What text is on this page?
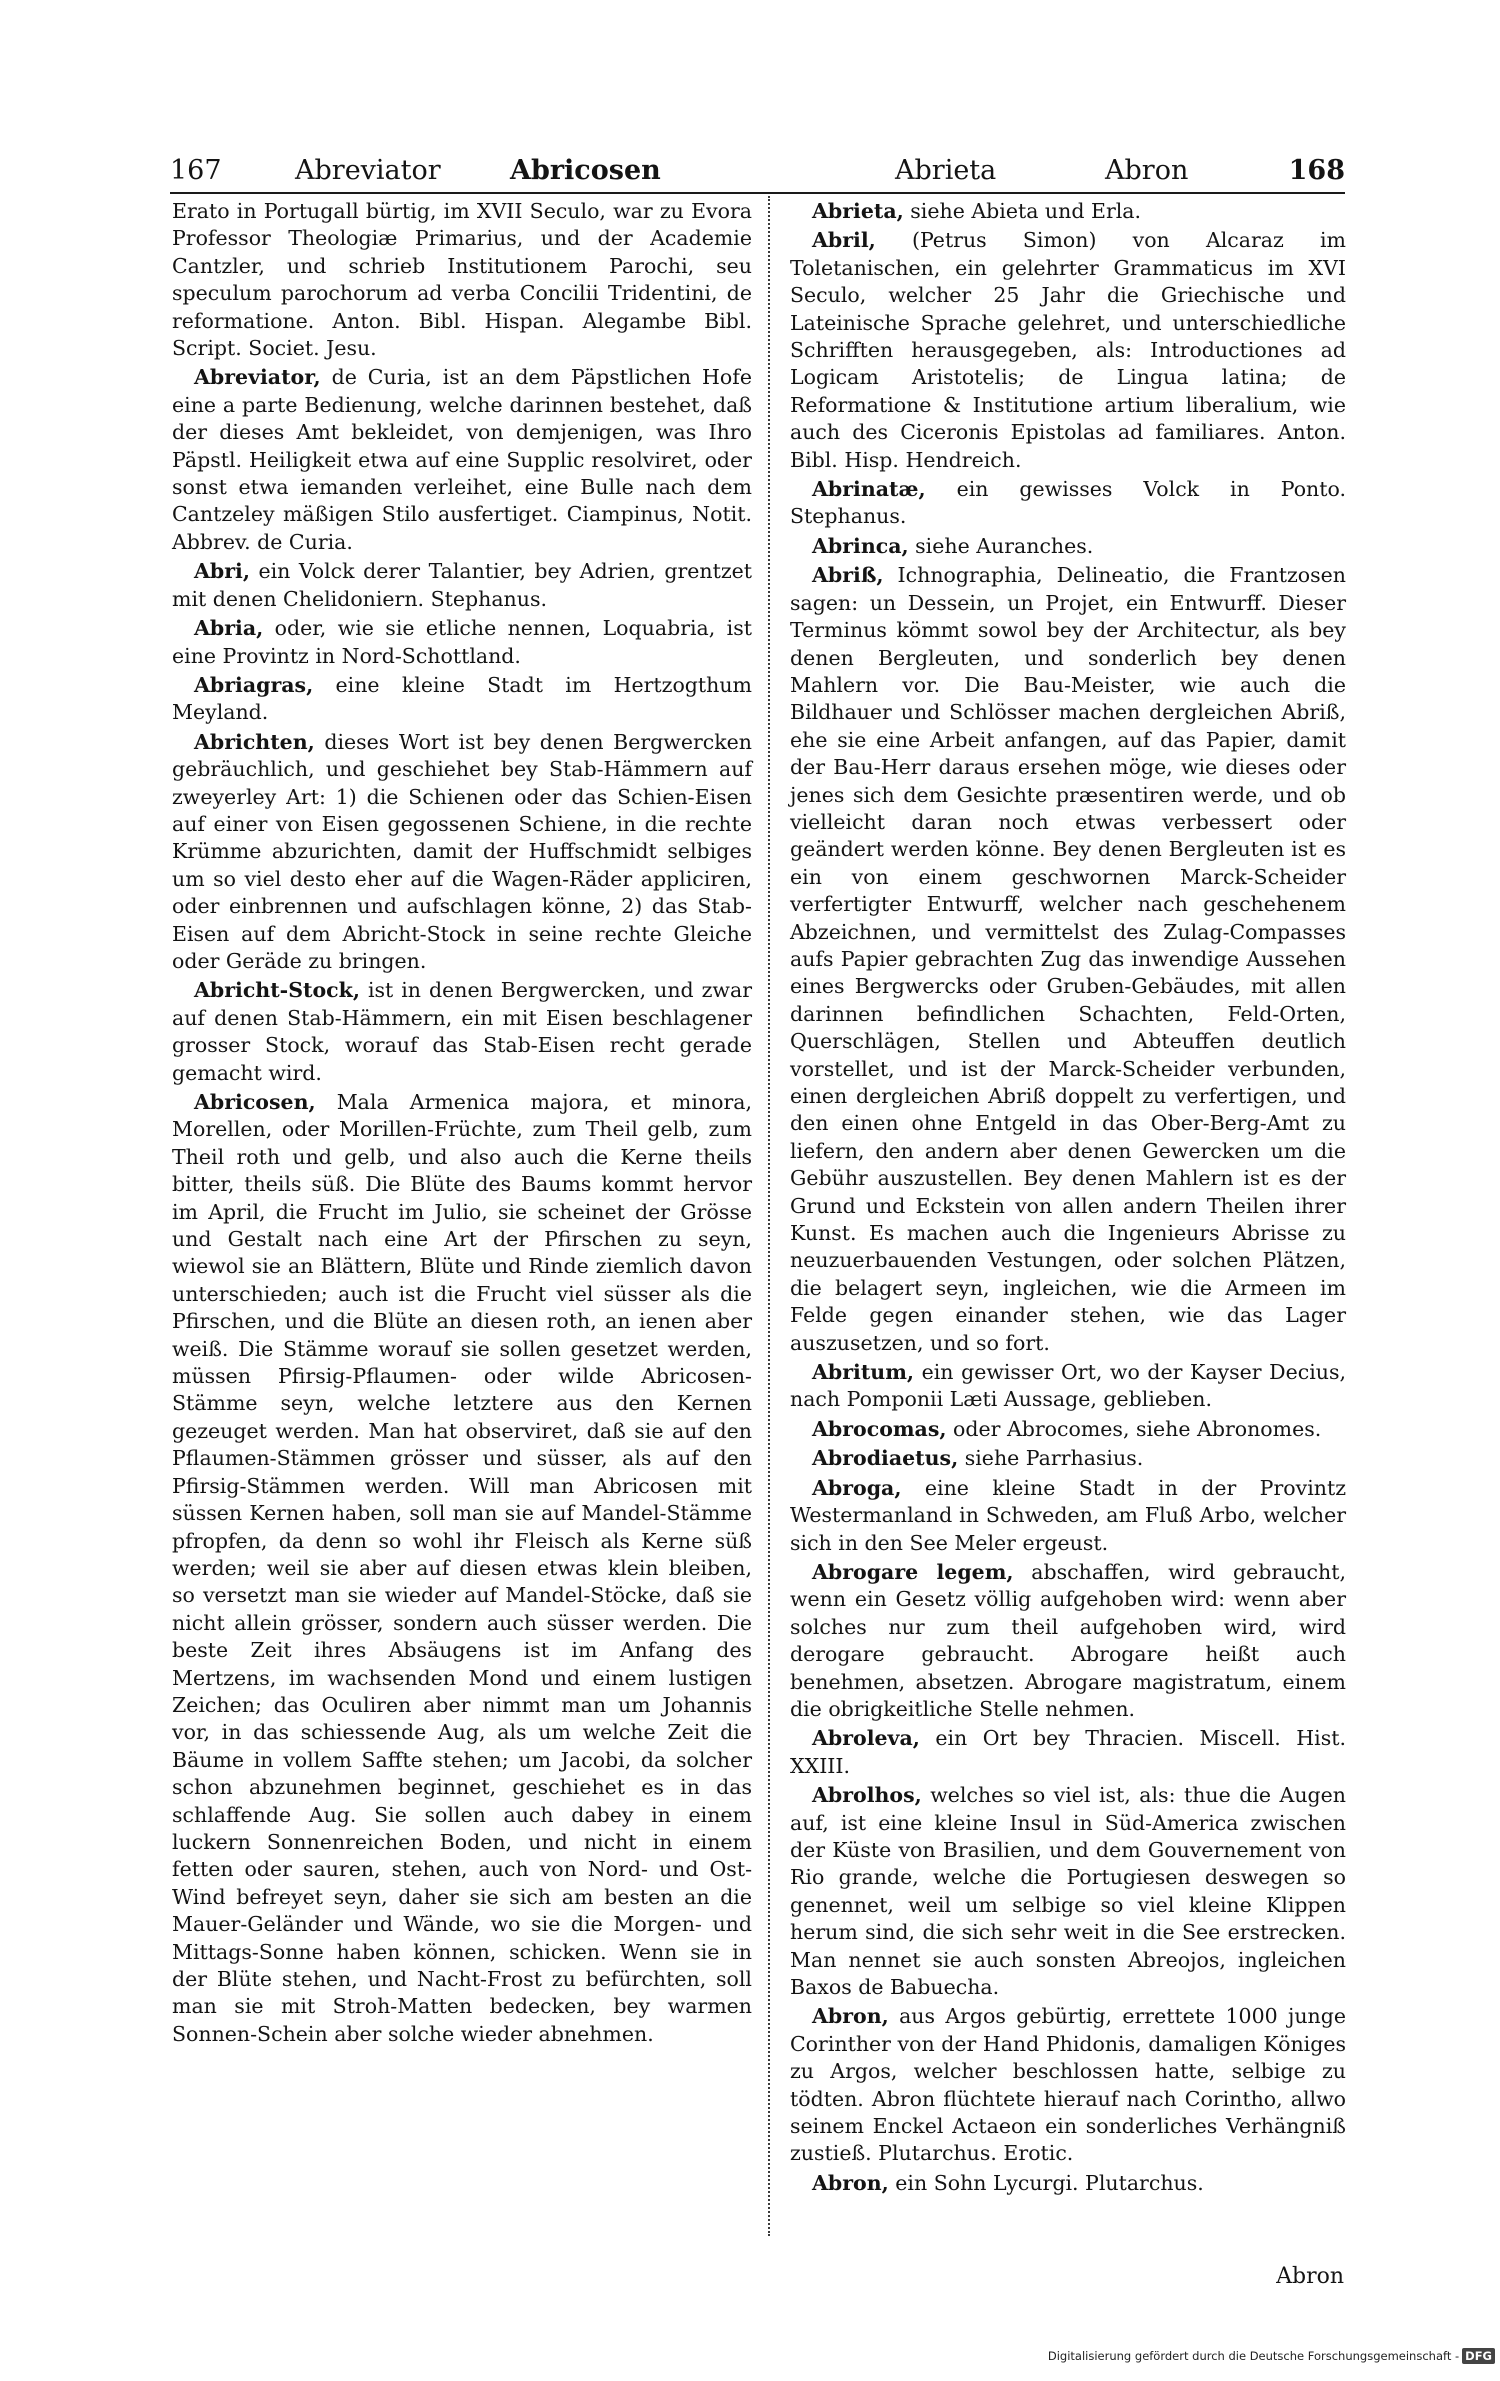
167	Abreviator	Abricosen	Abrieta	Abron	168

Erato in Portugall bürtig, im XVII Seculo, war zu Evora Professor Theologiæ Primarius, und der Academie Cantzler, und schrieb Institutionem Parochi, seu speculum parochorum ad verba Concilii Tridentini, de reformatione. Anton. Bibl. Hispan. Alegambe Bibl. Script. Societ. Jesu.

Abreviator, de Curia, ist an dem Päpstlichen Hofe eine a parte Bedienung, welche darinnen bestehet, daß der dieses Amt bekleidet, von demjenigen, was Ihro Päpstl. Heiligkeit etwa auf eine Supplic resolviret, oder sonst etwa iemanden verleihet, eine Bulle nach dem Cantzeley mäßigen Stilo ausfertiget. Ciampinus, Notit. Abbrev. de Curia.

Abri, ein Volck derer Talantier, bey Adrien, grentzet mit denen Chelidoniern. Stephanus.

Abria, oder, wie sie etliche nennen, Loquabria, ist eine Provintz in Nord-Schottland.

Abriagras, eine kleine Stadt im Hertzogthum Meyland.

Abrichten, dieses Wort ist bey denen Bergwercken gebräuchlich, und geschiehet bey Stab-Hämmern auf zweyerley Art: 1) die Schienen oder das Schien-Eisen auf einer von Eisen gegossenen Schiene, in die rechte Krümme abzurichten, damit der Huffschmidt selbiges um so viel desto eher auf die Wagen-Räder appliciren, oder einbrennen und aufschlagen könne, 2) das Stab-Eisen auf dem Abricht-Stock in seine rechte Gleiche oder Geräde zu bringen.

Abricht-Stock, ist in denen Bergwercken, und zwar auf denen Stab-Hämmern, ein mit Eisen beschlagener grosser Stock, worauf das Stab-Eisen recht gerade gemacht wird.

Abricosen, Mala Armenica majora, et minora, Morellen, oder Morillen-Früchte, zum Theil gelb, zum Theil roth und gelb, und also auch die Kerne theils bitter, theils süß. Die Blüte des Baums kommt hervor im April, die Frucht im Julio, sie scheinet der Grösse und Gestalt nach eine Art der Pfirschen zu seyn, wiewol sie an Blättern, Blüte und Rinde ziemlich davon unterschieden; auch ist die Frucht viel süsser als die Pfirschen, und die Blüte an diesen roth, an ienen aber weiß. Die Stämme worauf sie sollen gesetzet werden, müssen Pfirsig-Pflaumen- oder wilde Abricosen-Stämme seyn, welche letztere aus den Kernen gezeuget werden. Man hat observiret, daß sie auf den Pflaumen-Stämmen grösser und süsser, als auf den Pfirsig-Stämmen werden. Will man Abricosen mit süssen Kernen haben, soll man sie auf Mandel-Stämme pfropfen, da denn so wohl ihr Fleisch als Kerne süß werden; weil sie aber auf diesen etwas klein bleiben, so versetzt man sie wieder auf Mandel-Stöcke, daß sie nicht allein grösser, sondern auch süsser werden. Die beste Zeit ihres Absäugens ist im Anfang des Mertzens, im wachsenden Mond und einem lustigen Zeichen; das Oculiren aber nimmt man um Johannis vor, in das schiessende Aug, als um welche Zeit die Bäume in vollem Saffte stehen; um Jacobi, da solcher schon abzunehmen beginnet, geschiehet es in das schlaffende Aug. Sie sollen auch dabey in einem luckern Sonnenreichen Boden, und nicht in einem fetten oder sauren, stehen, auch von Nord- und Ost-Wind befreyet seyn, daher sie sich am besten an die Mauer-Geländer und Wände, wo sie die Morgen- und Mittags-Sonne haben können, schicken. Wenn sie in der Blüte stehen, und Nacht-Frost zu befürchten, soll man sie mit Stroh-Matten bedecken, bey warmen Sonnen-Schein aber solche wieder abnehmen.

Abrieta, siehe Abieta und Erla.

Abril, (Petrus Simon) von Alcaraz im Toletanischen, ein gelehrter Grammaticus im XVI Seculo, welcher 25 Jahr die Griechische und Lateinische Sprache gelehret, und unterschiedliche Schrifften herausgegeben, als: Introductiones ad Logicam Aristotelis; de Lingua latina; de Reformatione & Institutione artium liberalium, wie auch des Ciceronis Epistolas ad familiares. Anton. Bibl. Hisp. Hendreich.

Abrinatæ, ein gewisses Volck in Ponto. Stephanus.

Abrinca, siehe Auranches.

Abriß, Ichnographia, Delineatio, die Frantzosen sagen: un Dessein, un Projet, ein Entwurff. Dieser Terminus kömmt sowol bey der Architectur, als bey denen Bergleuten, und sonderlich bey denen Mahlern vor. Die Bau-Meister, wie auch die Bildhauer und Schlösser machen dergleichen Abriß, ehe sie eine Arbeit anfangen, auf das Papier, damit der Bau-Herr daraus ersehen möge, wie dieses oder jenes sich dem Gesichte præsentiren werde, und ob vielleicht daran noch etwas verbessert oder geändert werden könne. Bey denen Bergleuten ist es ein von einem geschwornen Marck-Scheider verfertigter Entwurff, welcher nach geschehenem Abzeichnen, und vermittelst des Zulag-Compasses aufs Papier gebrachten Zug das inwendige Aussehen eines Bergwercks oder Gruben-Gebäudes, mit allen darinnen befindlichen Schachten, Feld-Orten, Querschlägen, Stellen und Abteuffen deutlich vorstellet, und ist der Marck-Scheider verbunden, einen dergleichen Abriß doppelt zu verfertigen, und den einen ohne Entgeld in das Ober-Berg-Amt zu liefern, den andern aber denen Gewercken um die Gebühr auszustellen. Bey denen Mahlern ist es der Grund und Eckstein von allen andern Theilen ihrer Kunst. Es machen auch die Ingenieurs Abrisse zu neuzuerbauenden Vestungen, oder solchen Plätzen, die belagert seyn, ingleichen, wie die Armeen im Felde gegen einander stehen, wie das Lager auszusetzen, und so fort.

Abritum, ein gewisser Ort, wo der Kayser Decius, nach Pomponii Læti Aussage, geblieben.

Abrocomas, oder Abrocomes, siehe Abronomes.

Abrodiaetus, siehe Parrhasius.

Abroga, eine kleine Stadt in der Provintz Westermanland in Schweden, am Fluß Arbo, welcher sich in den See Meler ergeust.

Abrogare legem, abschaffen, wird gebraucht, wenn ein Gesetz völlig aufgehoben wird: wenn aber solches nur zum theil aufgehoben wird, wird derogare gebraucht. Abrogare heißt auch benehmen, absetzen. Abrogare magistratum, einem die obrigkeitliche Stelle nehmen.

Abroleva, ein Ort bey Thracien. Miscell. Hist. XXIII.

Abrolhos, welches so viel ist, als: thue die Augen auf, ist eine kleine Insul in Süd-America zwischen der Küste von Brasilien, und dem Gouvernement von Rio grande, welche die Portugiesen deswegen so genennet, weil um selbige so viel kleine Klippen herum sind, die sich sehr weit in die See erstrecken. Man nennet sie auch sonsten Abreojos, ingleichen Baxos de Babuecha.

Abron, aus Argos gebürtig, errettete 1000 junge Corinther von der Hand Phidonis, damaligen Königes zu Argos, welcher beschlossen hatte, selbige zu tödten. Abron flüchtete hierauf nach Corintho, allwo seinem Enckel Actaeon ein sonderliches Verhängniß zustieß. Plutarchus. Erotic.

Abron, ein Sohn Lycurgi. Plutarchus.

Abron
Digitalisierung gefördert durch die Deutsche Forschungsgemeinschaft - DFG
